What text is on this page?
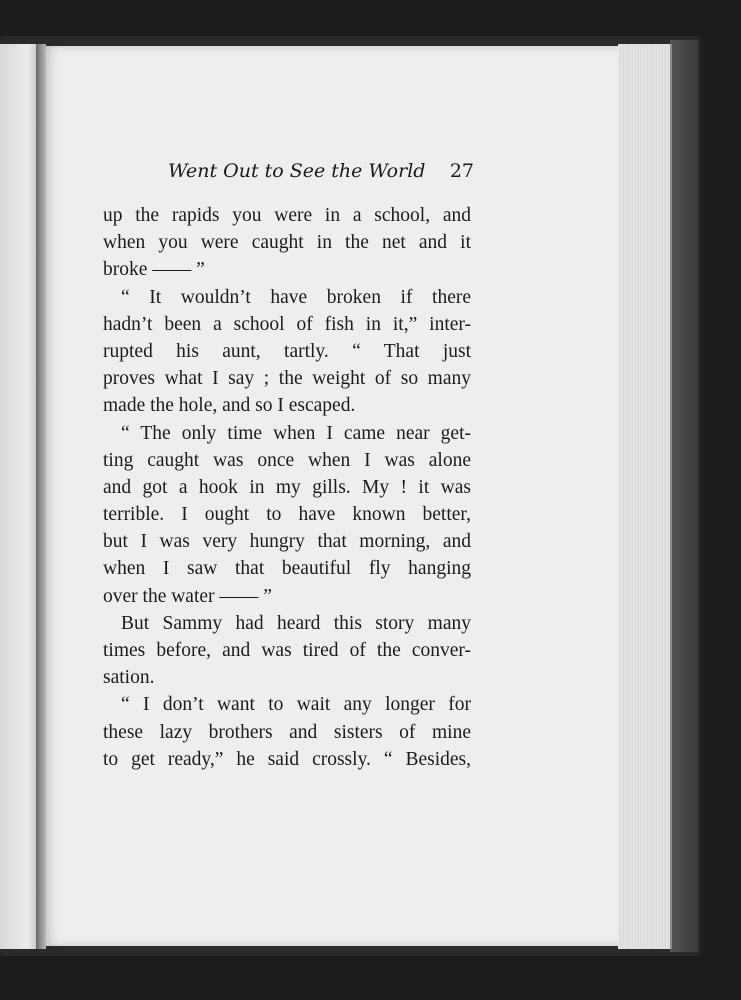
Went Out to See the World 27
up the rapids you were in a school, and
when you were caught in the net and it
broke —— ”
“ It wouldn’t have broken if there
hadn’t been a school of fish in it,” inter-
rupted his aunt, tartly. “ That just
proves what I say ; the weight of so many
made the hole, and so I escaped.
“ The only time when I came near get-
ting caught was once when I was alone
and got a hook in my gills. My ! it was
terrible. I ought to have known better,
but I was very hungry that morning, and
when I saw that beautiful fly hanging
over the water —— ”
But Sammy had heard this story many
times before, and was tired of the conver-
sation.
“ I don’t want to wait any longer for
these lazy brothers and sisters of mine
to get ready,” he said crossly. “ Besides,
